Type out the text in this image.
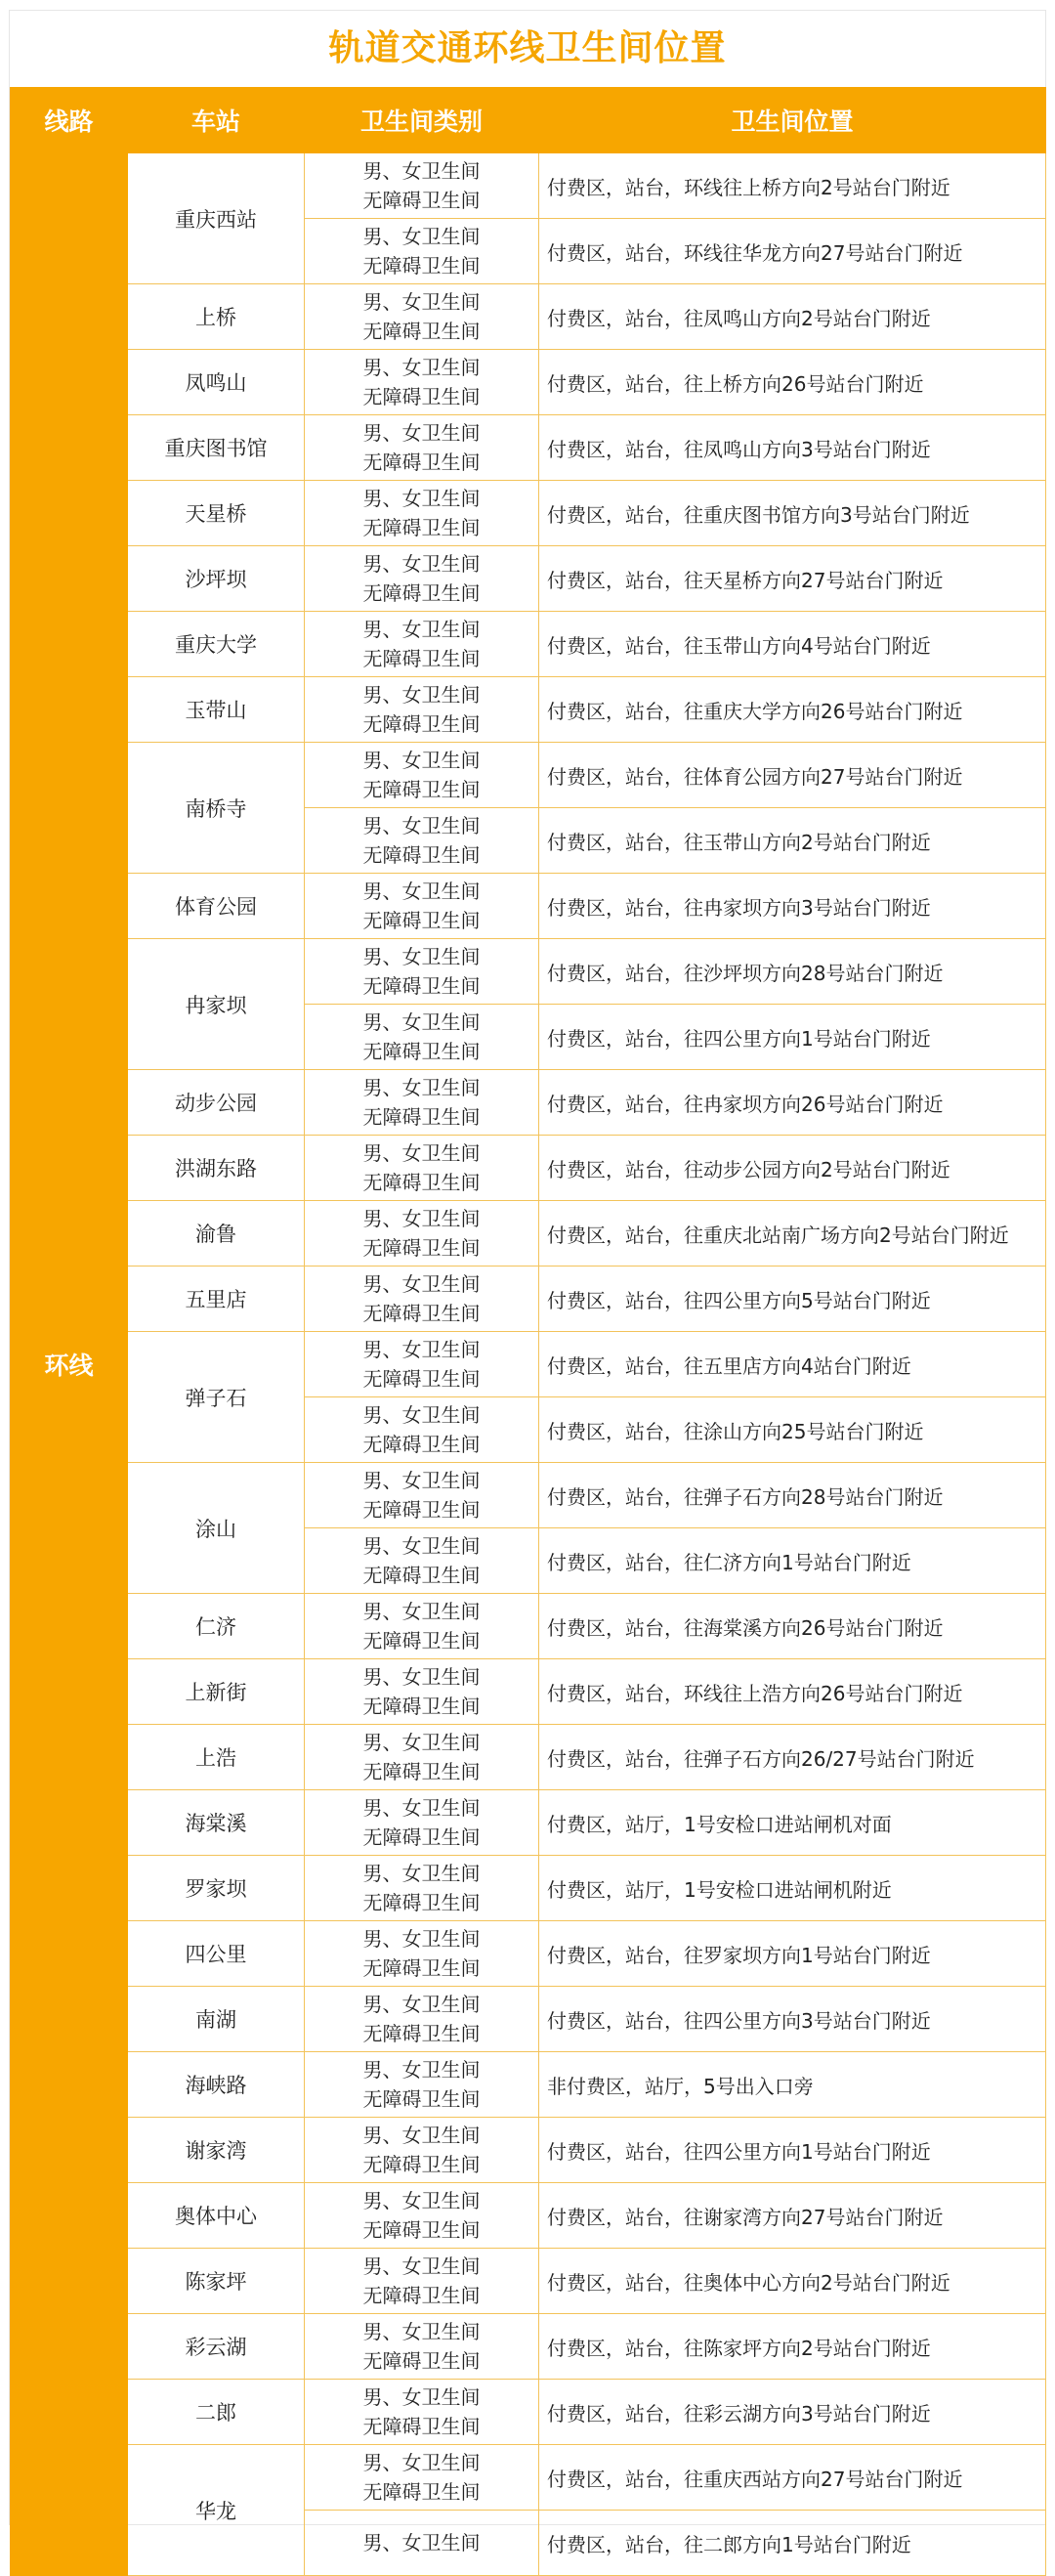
轨道交通环线卫生间位置
线路	车站	卫生间类别	卫生间位置
环线	重庆西站	男、女卫生间
无障碍卫生间	付费区，站台，环线往上桥方向2号站台门附近

		男、女卫生间
无障碍卫生间	付费区，站台，环线往华龙方向27号站台门附近
	上桥	男、女卫生间
无障碍卫生间	付费区，站台，往凤鸣山方向2号站台门附近
	凤鸣山	男、女卫生间
无障碍卫生间	付费区，站台，往上桥方向26号站台门附近
	重庆图书馆	男、女卫生间
无障碍卫生间	付费区，站台，往凤鸣山方向3号站台门附近
	天星桥	男、女卫生间
无障碍卫生间	付费区，站台，往重庆图书馆方向3号站台门附近
	沙坪坝	男、女卫生间
无障碍卫生间	付费区，站台，往天星桥方向27号站台门附近
	重庆大学	男、女卫生间
无障碍卫生间	付费区，站台，往玉带山方向4号站台门附近
	玉带山	男、女卫生间
无障碍卫生间	付费区，站台，往重庆大学方向26号站台门附近
	南桥寺	男、女卫生间
无障碍卫生间	付费区，站台，往体育公园方向27号站台门附近

		男、女卫生间
无障碍卫生间	付费区，站台，往玉带山方向2号站台门附近
	体育公园	男、女卫生间
无障碍卫生间	付费区，站台，往冉家坝方向3号站台门附近
	冉家坝	男、女卫生间
无障碍卫生间	付费区，站台，往沙坪坝方向28号站台门附近

		男、女卫生间
无障碍卫生间	付费区，站台，往四公里方向1号站台门附近
	动步公园	男、女卫生间
无障碍卫生间	付费区，站台，往冉家坝方向26号站台门附近
	洪湖东路	男、女卫生间
无障碍卫生间	付费区，站台，往动步公园方向2号站台门附近
	渝鲁	男、女卫生间
无障碍卫生间	付费区，站台，往重庆北站南广场方向2号站台门附近
	五里店	男、女卫生间
无障碍卫生间	付费区，站台，往四公里方向5号站台门附近
	弹子石	男、女卫生间
无障碍卫生间	付费区，站台，往五里店方向4站台门附近

		男、女卫生间
无障碍卫生间	付费区，站台，往涂山方向25号站台门附近
	涂山	男、女卫生间
无障碍卫生间	付费区，站台，往弹子石方向28号站台门附近

		男、女卫生间
无障碍卫生间	付费区，站台，往仁济方向1号站台门附近
	仁济	男、女卫生间
无障碍卫生间	付费区，站台，往海棠溪方向26号站台门附近
	上新街	男、女卫生间
无障碍卫生间	付费区，站台，环线往上浩方向26号站台门附近
	上浩	男、女卫生间
无障碍卫生间	付费区，站台，往弹子石方向26/27号站台门附近
	海棠溪	男、女卫生间
无障碍卫生间	付费区，站厅，1号安检口进站闸机对面
	罗家坝	男、女卫生间
无障碍卫生间	付费区，站厅，1号安检口进站闸机附近
	四公里	男、女卫生间
无障碍卫生间	付费区，站台，往罗家坝方向1号站台门附近
	南湖	男、女卫生间
无障碍卫生间	付费区，站台，往四公里方向3号站台门附近
	海峡路	男、女卫生间
无障碍卫生间	非付费区，站厅，5号出入口旁
	谢家湾	男、女卫生间
无障碍卫生间	付费区，站台，往四公里方向1号站台门附近
	奥体中心	男、女卫生间
无障碍卫生间	付费区，站台，往谢家湾方向27号站台门附近
	陈家坪	男、女卫生间
无障碍卫生间	付费区，站台，往奥体中心方向2号站台门附近
	彩云湖	男、女卫生间
无障碍卫生间	付费区，站台，往陈家坪方向2号站台门附近
	二郎	男、女卫生间
无障碍卫生间	付费区，站台，往彩云湖方向3号站台门附近
	华龙	男、女卫生间
无障碍卫生间	付费区，站台，往重庆西站方向27号站台门附近

		男、女卫生间	付费区，站台，往二郎方向1号站台门附近
